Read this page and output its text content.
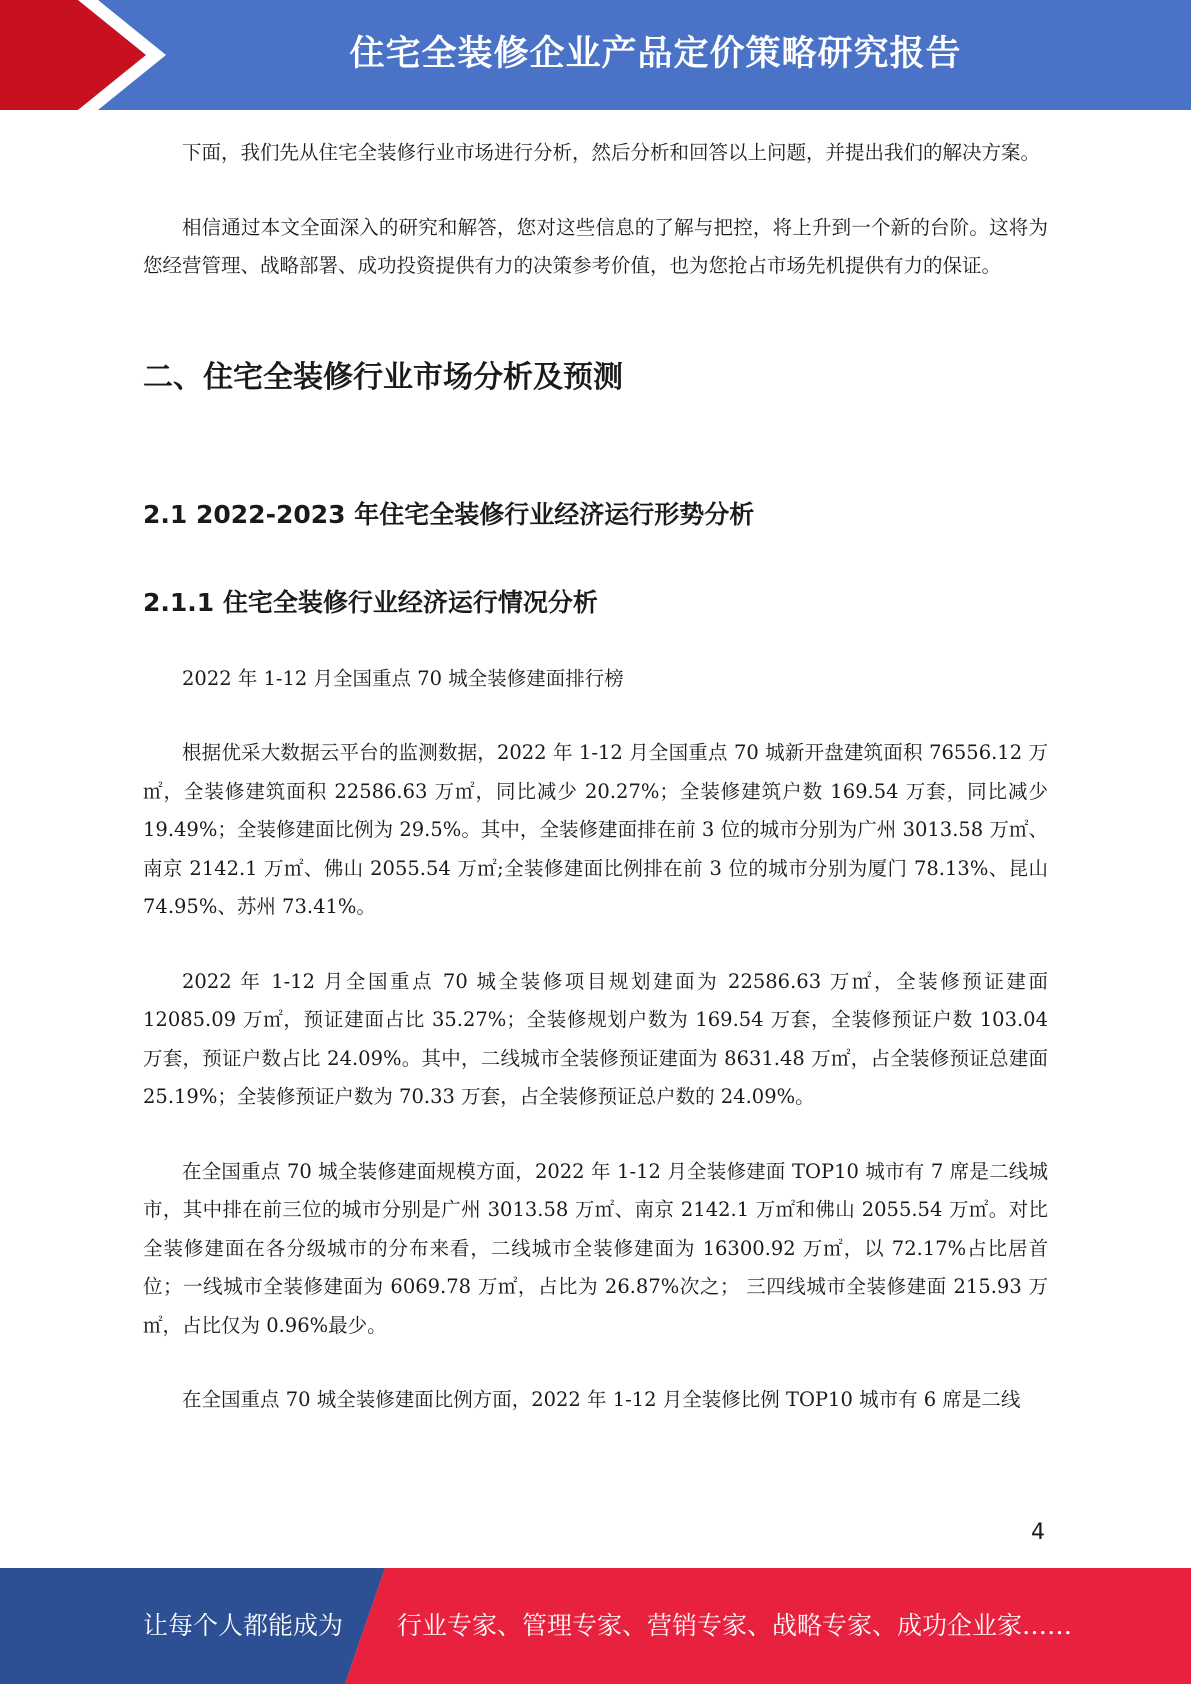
住宅全装修企业产品定价策略研究报告

下面，我们先从住宅全装修行业市场进行分析，然后分析和回答以上问题，并提出我们的解决方案。

相信通过本文全面深入的研究和解答，您对这些信息的了解与把控，将上升到一个新的台阶。这将为您经营管理、战略部署、成功投资提供有力的决策参考价值，也为您抢占市场先机提供有力的保证。

二、住宅全装修行业市场分析及预测
2.1 2022-2023 年住宅全装修行业经济运行形势分析
2.1.1 住宅全装修行业经济运行情况分析

2022 年 1-12 月全国重点 70 城全装修建面排行榜

根据优采大数据云平台的监测数据，2022 年 1-12 月全国重点 70 城新开盘建筑面积 76556.12 万㎡，全装修建筑面积 22586.63 万㎡，同比减少 20.27%；全装修建筑户数 169.54 万套，同比减少 19.49%；全装修建面比例为 29.5%。其中，全装修建面排在前 3 位的城市分别为广州 3013.58 万㎡、南京 2142.1 万㎡、佛山 2055.54 万㎡;全装修建面比例排在前 3 位的城市分别为厦门 78.13%、昆山 74.95%、苏州 73.41%。

2022 年 1-12 月全国重点 70 城全装修项目规划建面为 22586.63 万㎡，全装修预证建面 12085.09 万㎡，预证建面占比 35.27%；全装修规划户数为 169.54 万套，全装修预证户数 103.04 万套，预证户数占比 24.09%。其中，二线城市全装修预证建面为 8631.48 万㎡，占全装修预证总建面 25.19%；全装修预证户数为 70.33 万套，占全装修预证总户数的 24.09%。

在全国重点 70 城全装修建面规模方面，2022 年 1-12 月全装修建面 TOP10 城市有 7 席是二线城市，其中排在前三位的城市分别是广州 3013.58 万㎡、南京 2142.1 万㎡和佛山 2055.54 万㎡。对比全装修建面在各分级城市的分布来看，二线城市全装修建面为 16300.92 万㎡，以 72.17%占比居首位；一线城市全装修建面为 6069.78 万㎡，占比为 26.87%次之； 三四线城市全装修建面 215.93 万㎡，占比仅为 0.96%最少。

在全国重点 70 城全装修建面比例方面，2022 年 1-12 月全装修比例 TOP10 城市有 6 席是二线

4
让每个人都能成为 行业专家、管理专家、营销专家、战略专家、成功企业家……
